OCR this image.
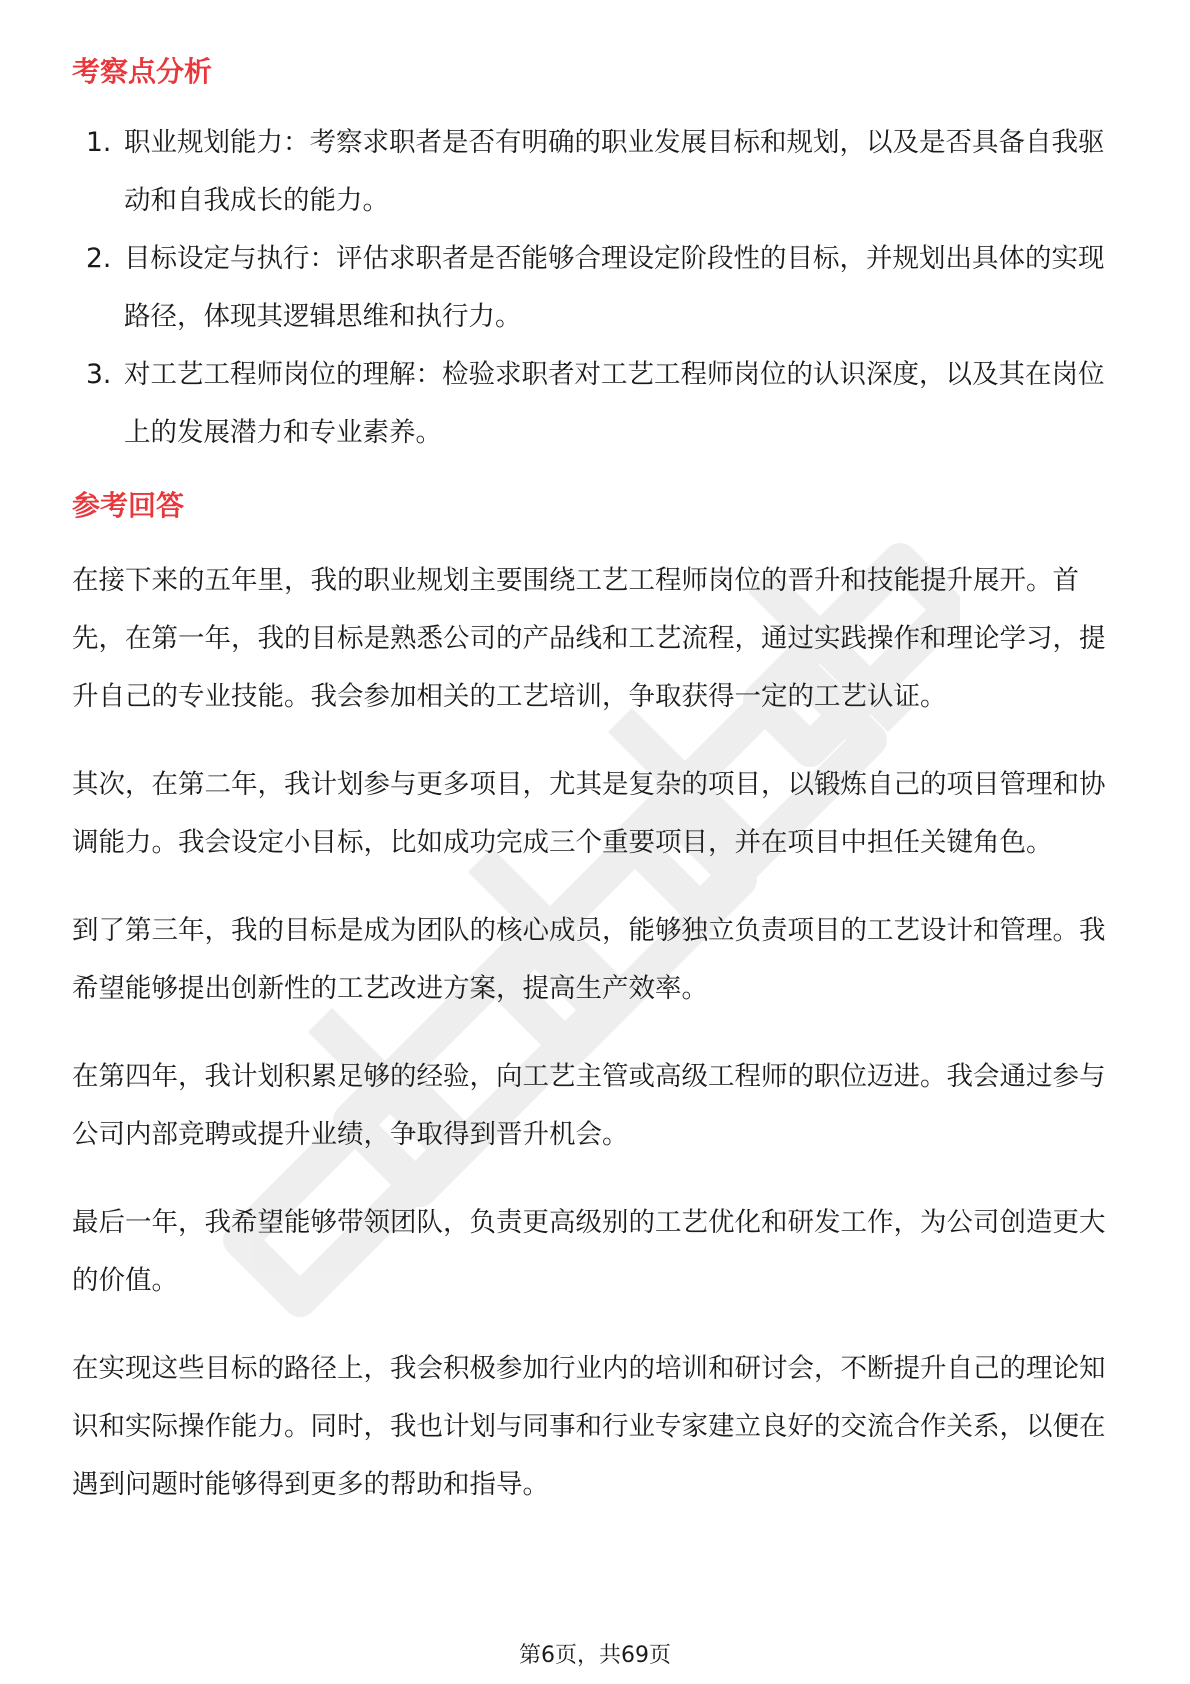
考察点分析
1. 职业规划能力：考察求职者是否有明确的职业发展目标和规划，以及是否具备自我驱动和自我成长的能力。
2. 目标设定与执行：评估求职者是否能够合理设定阶段性的目标，并规划出具体的实现路径，体现其逻辑思维和执行力。
3. 对工艺工程师岗位的理解：检验求职者对工艺工程师岗位的认识深度，以及其在岗位上的发展潜力和专业素养。
参考回答

在接下来的五年里，我的职业规划主要围绕工艺工程师岗位的晋升和技能提升展开。首先，在第一年，我的目标是熟悉公司的产品线和工艺流程，通过实践操作和理论学习，提升自己的专业技能。我会参加相关的工艺培训，争取获得一定的工艺认证。

其次，在第二年，我计划参与更多项目，尤其是复杂的项目，以锻炼自己的项目管理和协调能力。我会设定小目标，比如成功完成三个重要项目，并在项目中担任关键角色。

到了第三年，我的目标是成为团队的核心成员，能够独立负责项目的工艺设计和管理。我希望能够提出创新性的工艺改进方案，提高生产效率。

在第四年，我计划积累足够的经验，向工艺主管或高级工程师的职位迈进。我会通过参与公司内部竞聘或提升业绩，争取得到晋升机会。

最后一年，我希望能够带领团队，负责更高级别的工艺优化和研发工作，为公司创造更大的价值。

在实现这些目标的路径上，我会积极参加行业内的培训和研讨会，不断提升自己的理论知识和实际操作能力。同时，我也计划与同事和行业专家建立良好的交流合作关系，以便在遇到问题时能够得到更多的帮助和指导。

第6页，共69页
